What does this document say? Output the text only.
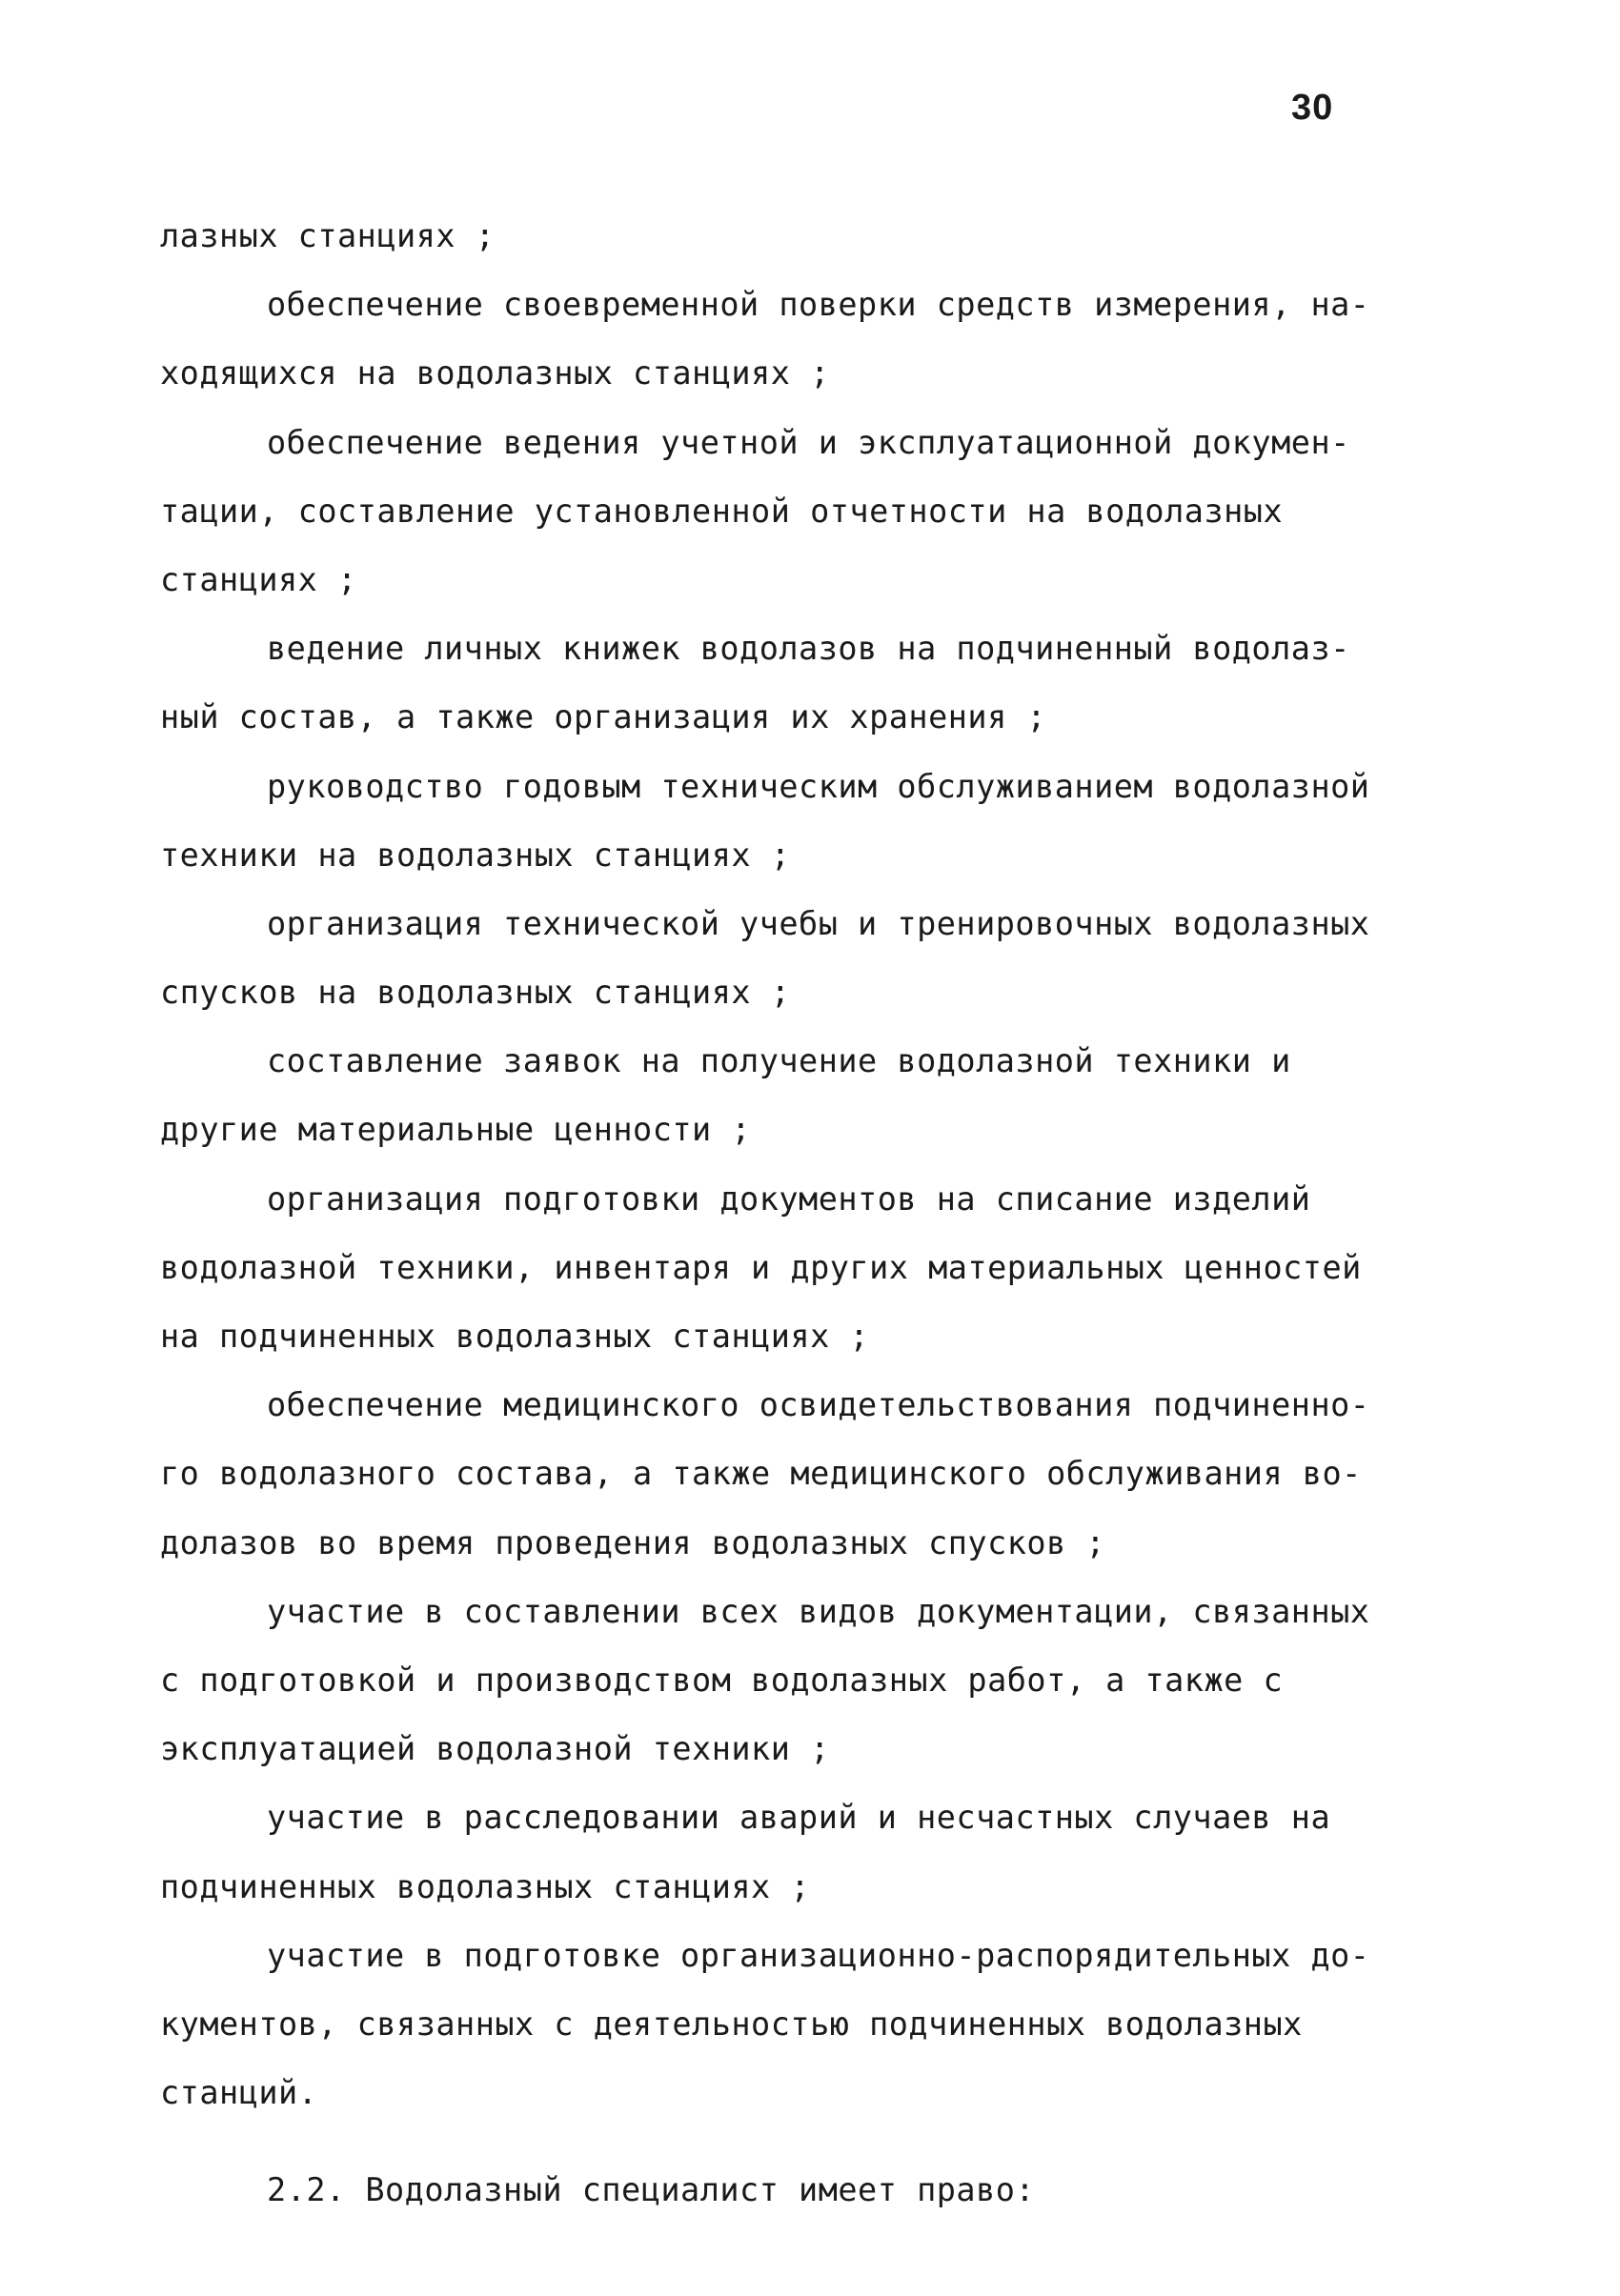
30
лазных станциях ;
обеспечение своевременной поверки средств измерения, на-
ходящихся на водолазных станциях ;
обеспечение ведения учетной и эксплуатационной докумен-
тации, составление установленной отчетности на водолазных
станциях ;
ведение личных книжек водолазов на подчиненный водолаз-
ный состав, а также организация их хранения ;
руководство годовым техническим обслуживанием водолазной
техники на водолазных станциях ;
организация технической учебы и тренировочных водолазных
спусков на водолазных станциях ;
составление заявок на получение водолазной техники и
другие материальные ценности ;
организация подготовки документов на списание изделий
водолазной техники, инвентаря и других материальных ценностей
на подчиненных водолазных станциях ;
обеспечение медицинского освидетельствования подчиненно-
го водолазного состава, а также медицинского обслуживания во-
долазов во время проведения водолазных спусков ;
участие в составлении всех видов документации, связанных
с подготовкой и производством водолазных работ, а также с
эксплуатацией водолазной техники ;
участие в расследовании аварий и несчастных случаев на
подчиненных водолазных станциях ;
участие в подготовке организационно-распорядительных до-
кументов, связанных с деятельностью подчиненных водолазных
станций.
2.2. Водолазный специалист имеет право:
